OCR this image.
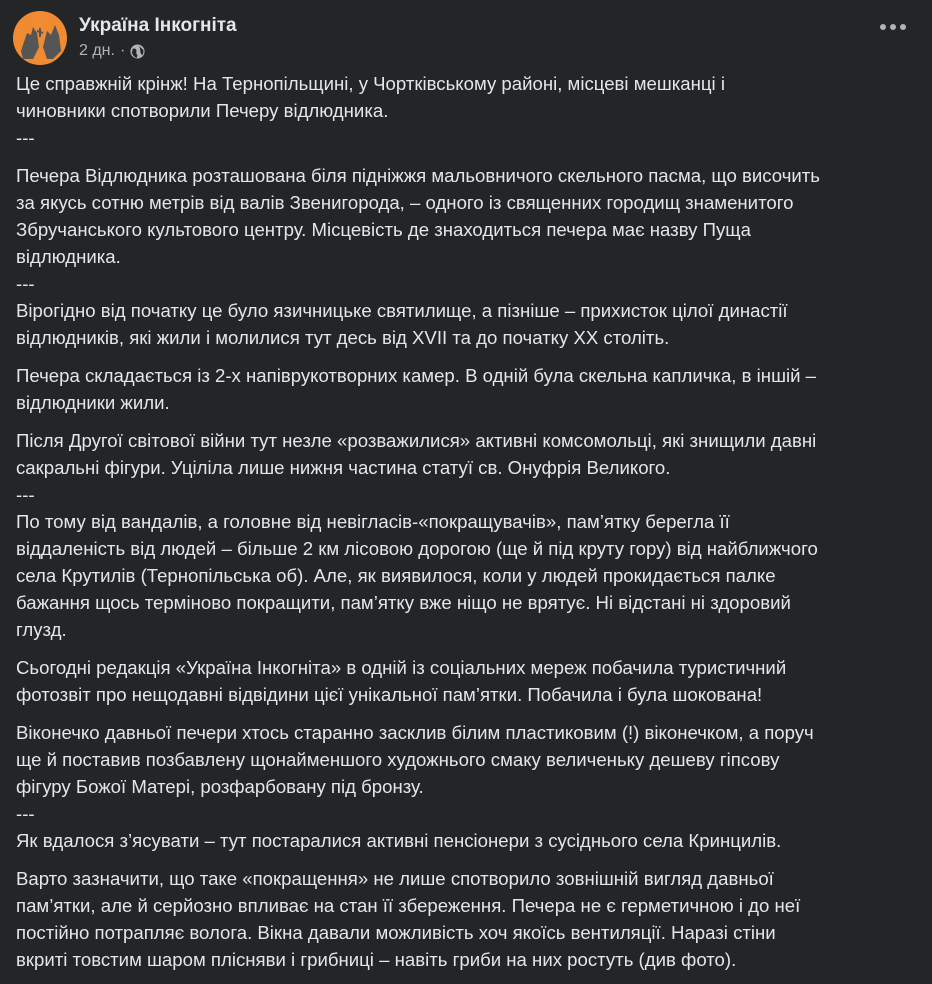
Україна Інкогніта
2 дн. ·
Це справжній крінж! На Тернопільщині, у Чортківському районі, місцеві мешканці і
чиновники спотворили Печеру відлюдника.
---
Печера Відлюдника розташована біля підніжжя мальовничого скельного пасма, що височить
за якусь сотню метрів від валів Звенигорода, – одного із священних городищ знаменитого
Збручанського культового центру. Місцевість де знаходиться печера має назву Пуща
відлюдника.
---
Вірогідно від початку це було язичницьке святилище, а пізніше – прихисток цілої династії
відлюдників, які жили і молилися тут десь від XVII та до початку XX століть.
Печера складається із 2-х напіврукотворних камер. В одній була скельна капличка, в іншій –
відлюдники жили.
Після Другої світової війни тут незле «розважилися» активні комсомольці, які знищили давні
сакральні фігури. Уціліла лише нижня частина статуї св. Онуфрія Великого.
---
По тому від вандалів, а головне від невігласів-«покращувачів», пам’ятку берегла її
віддаленість від людей – більше 2 км лісовою дорогою (ще й під круту гору) від найближчого
села Крутилів (Тернопільська об). Але, як виявилося, коли у людей прокидається палке
бажання щось терміново покращити, пам’ятку вже ніщо не врятує. Ні відстані ні здоровий
глузд.
Сьогодні редакція «Україна Інкогніта» в одній із соціальних мереж побачила туристичний
фотозвіт про нещодавні відвідини цієї унікальної пам’ятки. Побачила і була шокована!
Віконечко давньої печери хтось старанно засклив білим пластиковим (!) віконечком, а поруч
ще й поставив позбавлену щонайменшого художнього смаку величеньку дешеву гіпсову
фігуру Божої Матері, розфарбовану під бронзу.
---
Як вдалося з’ясувати – тут постаралися активні пенсіонери з сусіднього села Кринцилів.
Варто зазначити, що таке «покращення» не лише спотворило зовнішній вигляд давньої
пам’ятки, але й серйозно впливає на стан її збереження. Печера не є герметичною і до неї
постійно потрапляє волога. Вікна давали можливість хоч якоїсь вентиляції. Наразі стіни
вкриті товстим шаром плісняви і грибниці – навіть гриби на них ростуть (див фото).
